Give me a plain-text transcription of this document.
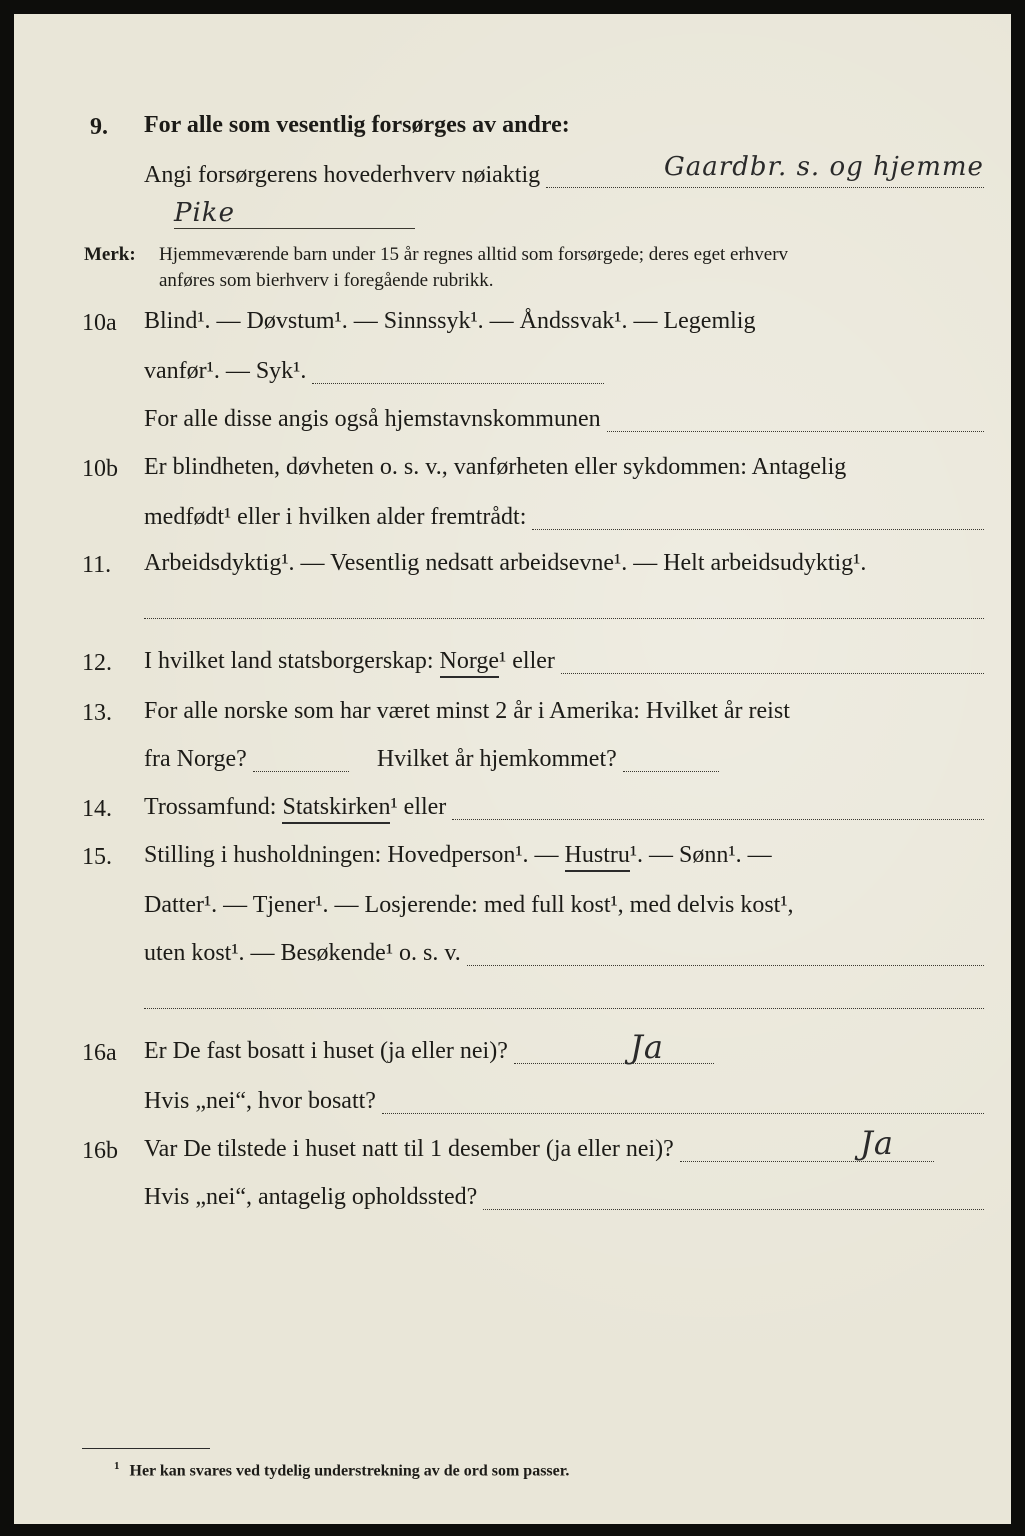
9. For alle som vesentlig forsørges av andre:
Angi forsørgerens hovederhverv nøiaktig	Gaardbr. s. og hjemme
Pike
Merk: Hjemmeværende barn under 15 år regnes alltid som forsørgede; deres eget erhverv
anføres som bierhverv i foregående rubrikk.
10a Blind¹. — Døvstum¹. — Sinnssyk¹. — Åndssvak¹. — Legemlig
vanfør¹. — Syk¹.
For alle disse angis også hjemstavnskommunen
10b Er blindheten, døvheten o. s. v., vanførheten eller sykdommen: Antagelig
medfødt¹ eller i hvilken alder fremtrådt:
11. Arbeidsdyktig¹. — Vesentlig nedsatt arbeidsevne¹. — Helt arbeidsudyktig¹.
12. I hvilket land statsborgerskap: Norge ¹ eller
13. For alle norske som har været minst 2 år i Amerika: Hvilket år reist
fra Norge?	Hvilket år hjemkommet?
14. Trossamfund: Statskirken ¹ eller
15. Stilling i husholdningen: Hovedperson¹. — Hustru ¹. — Sønn¹. —
Datter¹. — Tjener¹. — Losjerende: med full kost¹, med delvis kost¹,
uten kost¹. — Besøkende¹ o. s. v.
16a Er De fast bosatt i huset (ja eller nei)?	Ja
Hvis „nei“, hvor bosatt?
16b Var De tilstede i huset natt til 1 desember (ja eller nei)?	Ja
Hvis „nei“, antagelig opholdssted?
$^1$ Her kan svares ved tydelig understrekning av de ord som passer.
